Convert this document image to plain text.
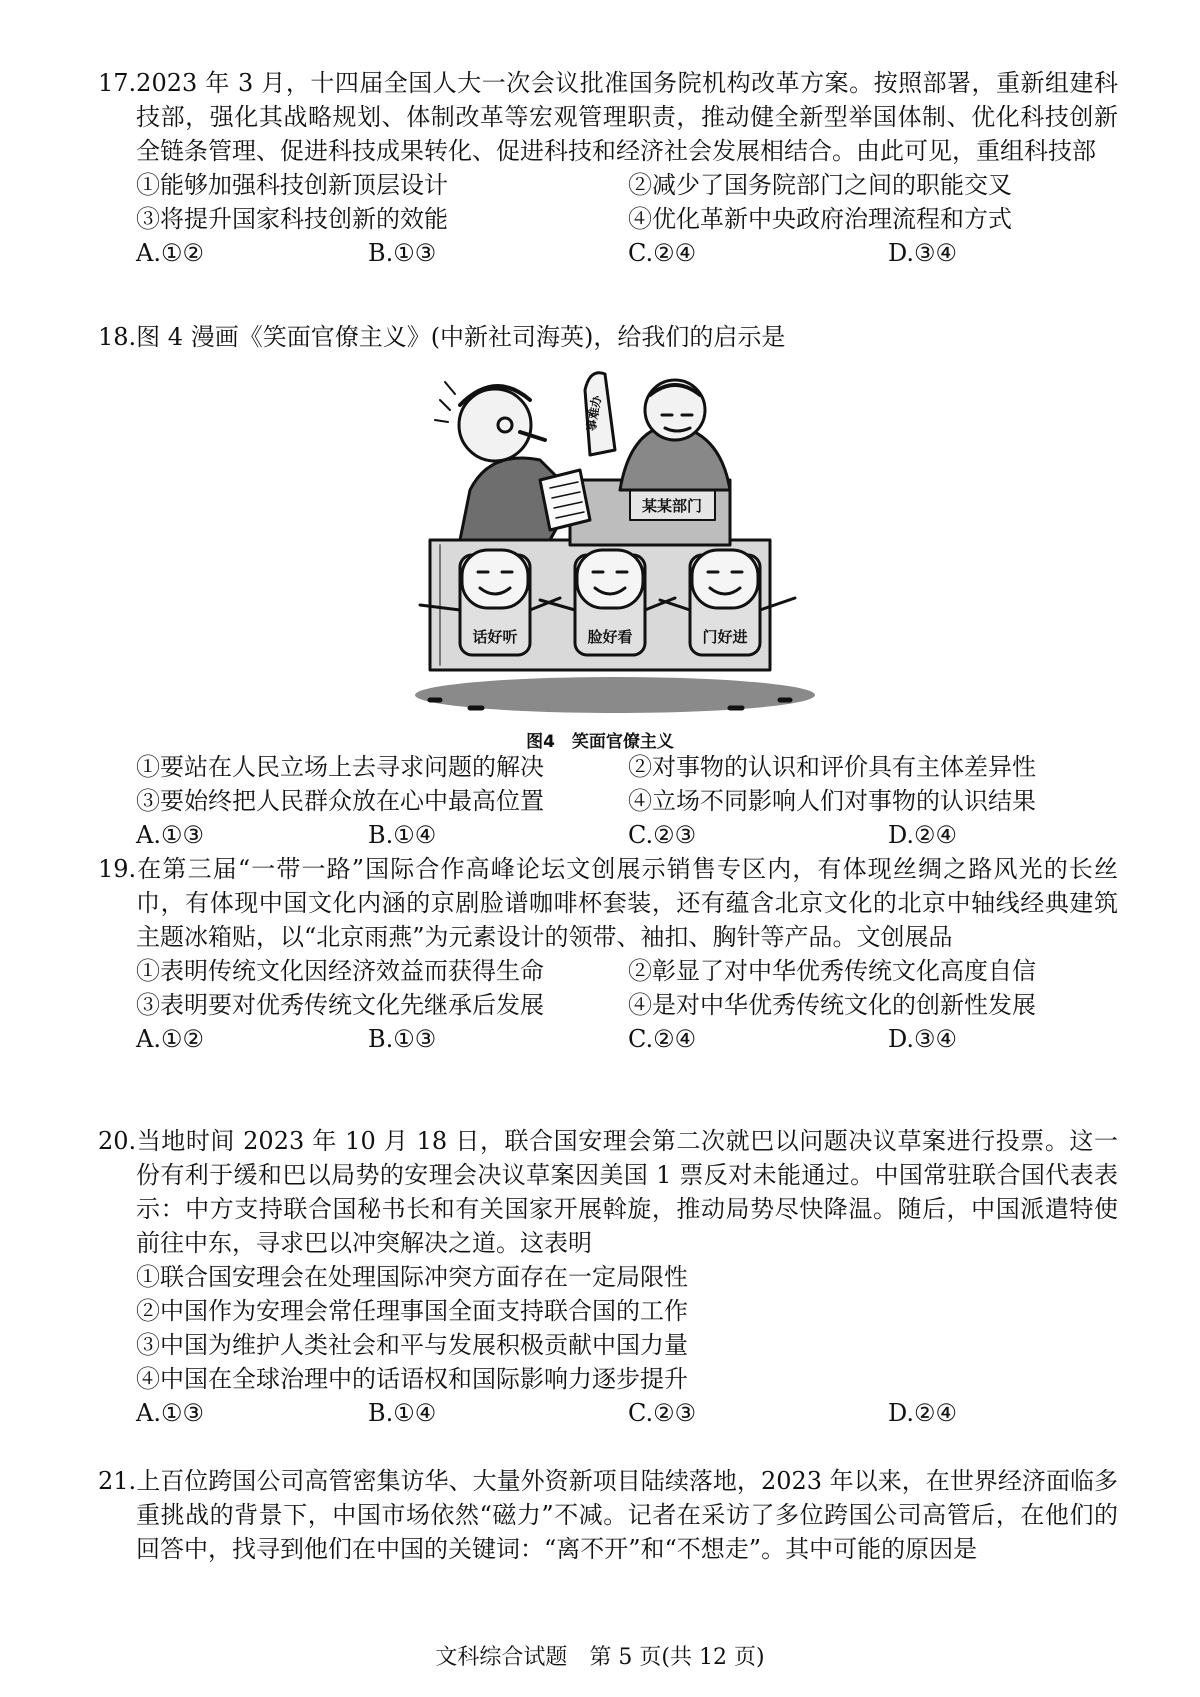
17.2023 年 3 月，十四届全国人大一次会议批准国务院机构改革方案。按照部署，重新组建科技部，强化其战略规划、体制改革等宏观管理职责，推动健全新型举国体制、优化科技创新全链条管理、促进科技成果转化、促进科技和经济社会发展相结合。由此可见，重组科技部

①能够加强科技创新顶层设计	②减少了国务院部门之间的职能交叉
③将提升国家科技创新的效能	④优化革新中央政府治理流程和方式
A.①②	B.①③	C.②④	D.③④

18.图 4 漫画《笑面官僚主义》(中新社司海英)，给我们的启示是

某某部门
事难办
话好听	脸好看	门好进
图4　笑面官僚主义
①要站在人民立场上去寻求问题的解决	②对事物的认识和评价具有主体差异性
③要始终把人民群众放在心中最高位置	④立场不同影响人们对事物的认识结果
A.①③	B.①④	C.②③	D.②④

19.在第三届“一带一路”国际合作高峰论坛文创展示销售专区内，有体现丝绸之路风光的长丝巾，有体现中国文化内涵的京剧脸谱咖啡杯套装，还有蕴含北京文化的北京中轴线经典建筑主题冰箱贴，以“北京雨燕”为元素设计的领带、袖扣、胸针等产品。文创展品

①表明传统文化因经济效益而获得生命	②彰显了对中华优秀传统文化高度自信
③表明要对优秀传统文化先继承后发展	④是对中华优秀传统文化的创新性发展
A.①②	B.①③	C.②④	D.③④

20.当地时间 2023 年 10 月 18 日，联合国安理会第二次就巴以问题决议草案进行投票。这一份有利于缓和巴以局势的安理会决议草案因美国 1 票反对未能通过。中国常驻联合国代表表示：中方支持联合国秘书长和有关国家开展斡旋，推动局势尽快降温。随后，中国派遣特使前往中东，寻求巴以冲突解决之道。这表明

①联合国安理会在处理国际冲突方面存在一定局限性
②中国作为安理会常任理事国全面支持联合国的工作
③中国为维护人类社会和平与发展积极贡献中国力量
④中国在全球治理中的话语权和国际影响力逐步提升
A.①③	B.①④	C.②③	D.②④

21.上百位跨国公司高管密集访华、大量外资新项目陆续落地，2023 年以来，在世界经济面临多重挑战的背景下，中国市场依然“磁力”不减。记者在采访了多位跨国公司高管后，在他们的回答中，找寻到他们在中国的关键词：“离不开”和“不想走”。其中可能的原因是

文科综合试题　第 5 页(共 12 页)
